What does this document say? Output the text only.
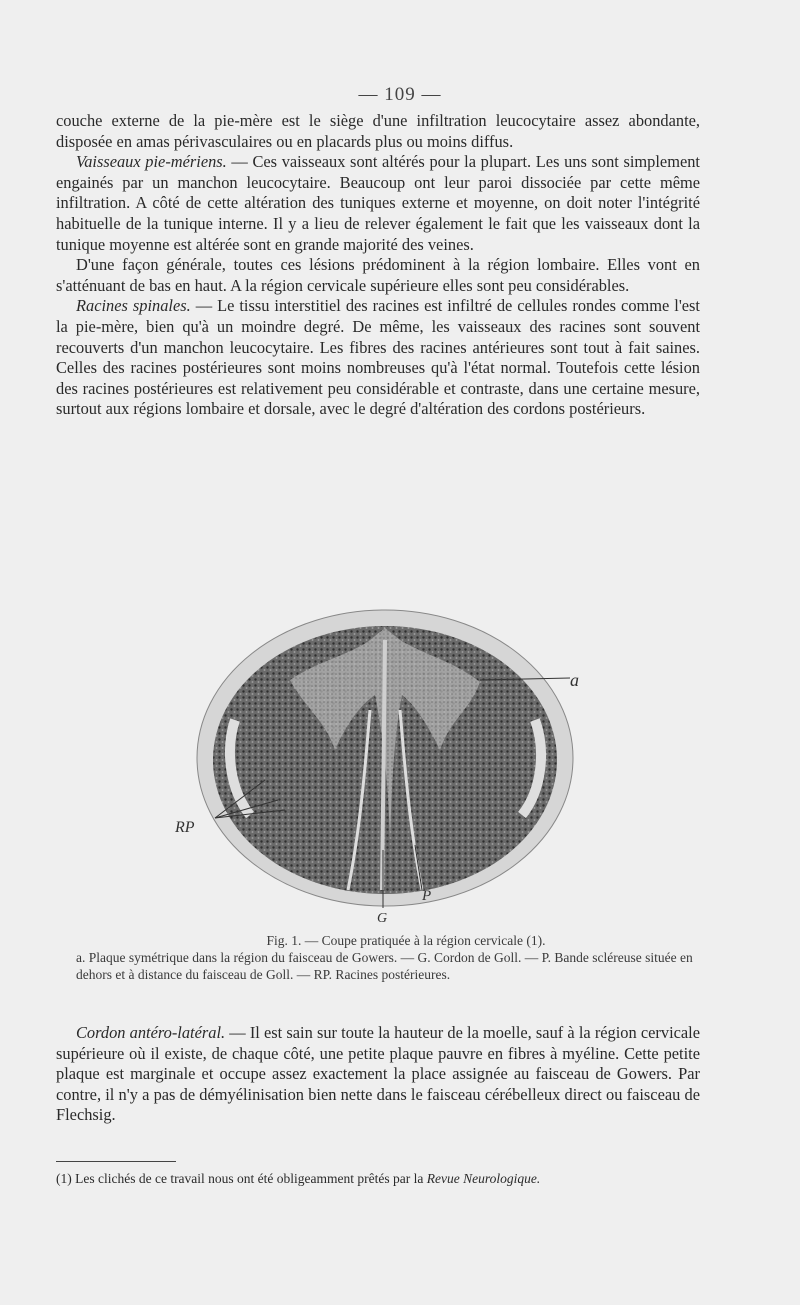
— 109 —

couche externe de la pie-mère est le siège d'une infiltration leucocytaire assez abondante, disposée en amas périvasculaires ou en placards plus ou moins diffus.

Vaisseaux pie-mériens. — Ces vaisseaux sont altérés pour la plupart. Les uns sont simplement engainés par un manchon leucocytaire. Beaucoup ont leur paroi dissociée par cette même infiltration. A côté de cette altération des tuniques externe et moyenne, on doit noter l'intégrité habituelle de la tunique interne. Il y a lieu de relever également le fait que les vaisseaux dont la tunique moyenne est altérée sont en grande majorité des veines.

D'une façon générale, toutes ces lésions prédominent à la région lombaire. Elles vont en s'atténuant de bas en haut. A la région cervicale supérieure elles sont peu considérables.

Racines spinales. — Le tissu interstitiel des racines est infiltré de cellules rondes comme l'est la pie-mère, bien qu'à un moindre degré. De même, les vaisseaux des racines sont souvent recouverts d'un manchon leucocytaire. Les fibres des racines antérieures sont tout à fait saines. Celles des racines postérieures sont moins nombreuses qu'à l'état normal. Toutefois cette lésion des racines postérieures est relativement peu considérable et contraste, dans une certaine mesure, surtout aux régions lombaire et dorsale, avec le degré d'altération des cordons postérieurs.

a
RP
P
G
Fig. 1. — Coupe pratiquée à la région cervicale (1).
a. Plaque symétrique dans la région du faisceau de Gowers. — G. Cordon de Goll. — P. Bande scléreuse située en dehors et à distance du faisceau de Goll. — RP. Racines postérieures.

Cordon antéro-latéral. — Il est sain sur toute la hauteur de la moelle, sauf à la région cervicale supérieure où il existe, de chaque côté, une petite plaque pauvre en fibres à myéline. Cette petite plaque est marginale et occupe assez exactement la place assignée au faisceau de Gowers. Par contre, il n'y a pas de démyélinisation bien nette dans le faisceau cérébelleux direct ou faisceau de Flechsig.

(1) Les clichés de ce travail nous ont été obligeamment prêtés par la Revue Neurologique.
